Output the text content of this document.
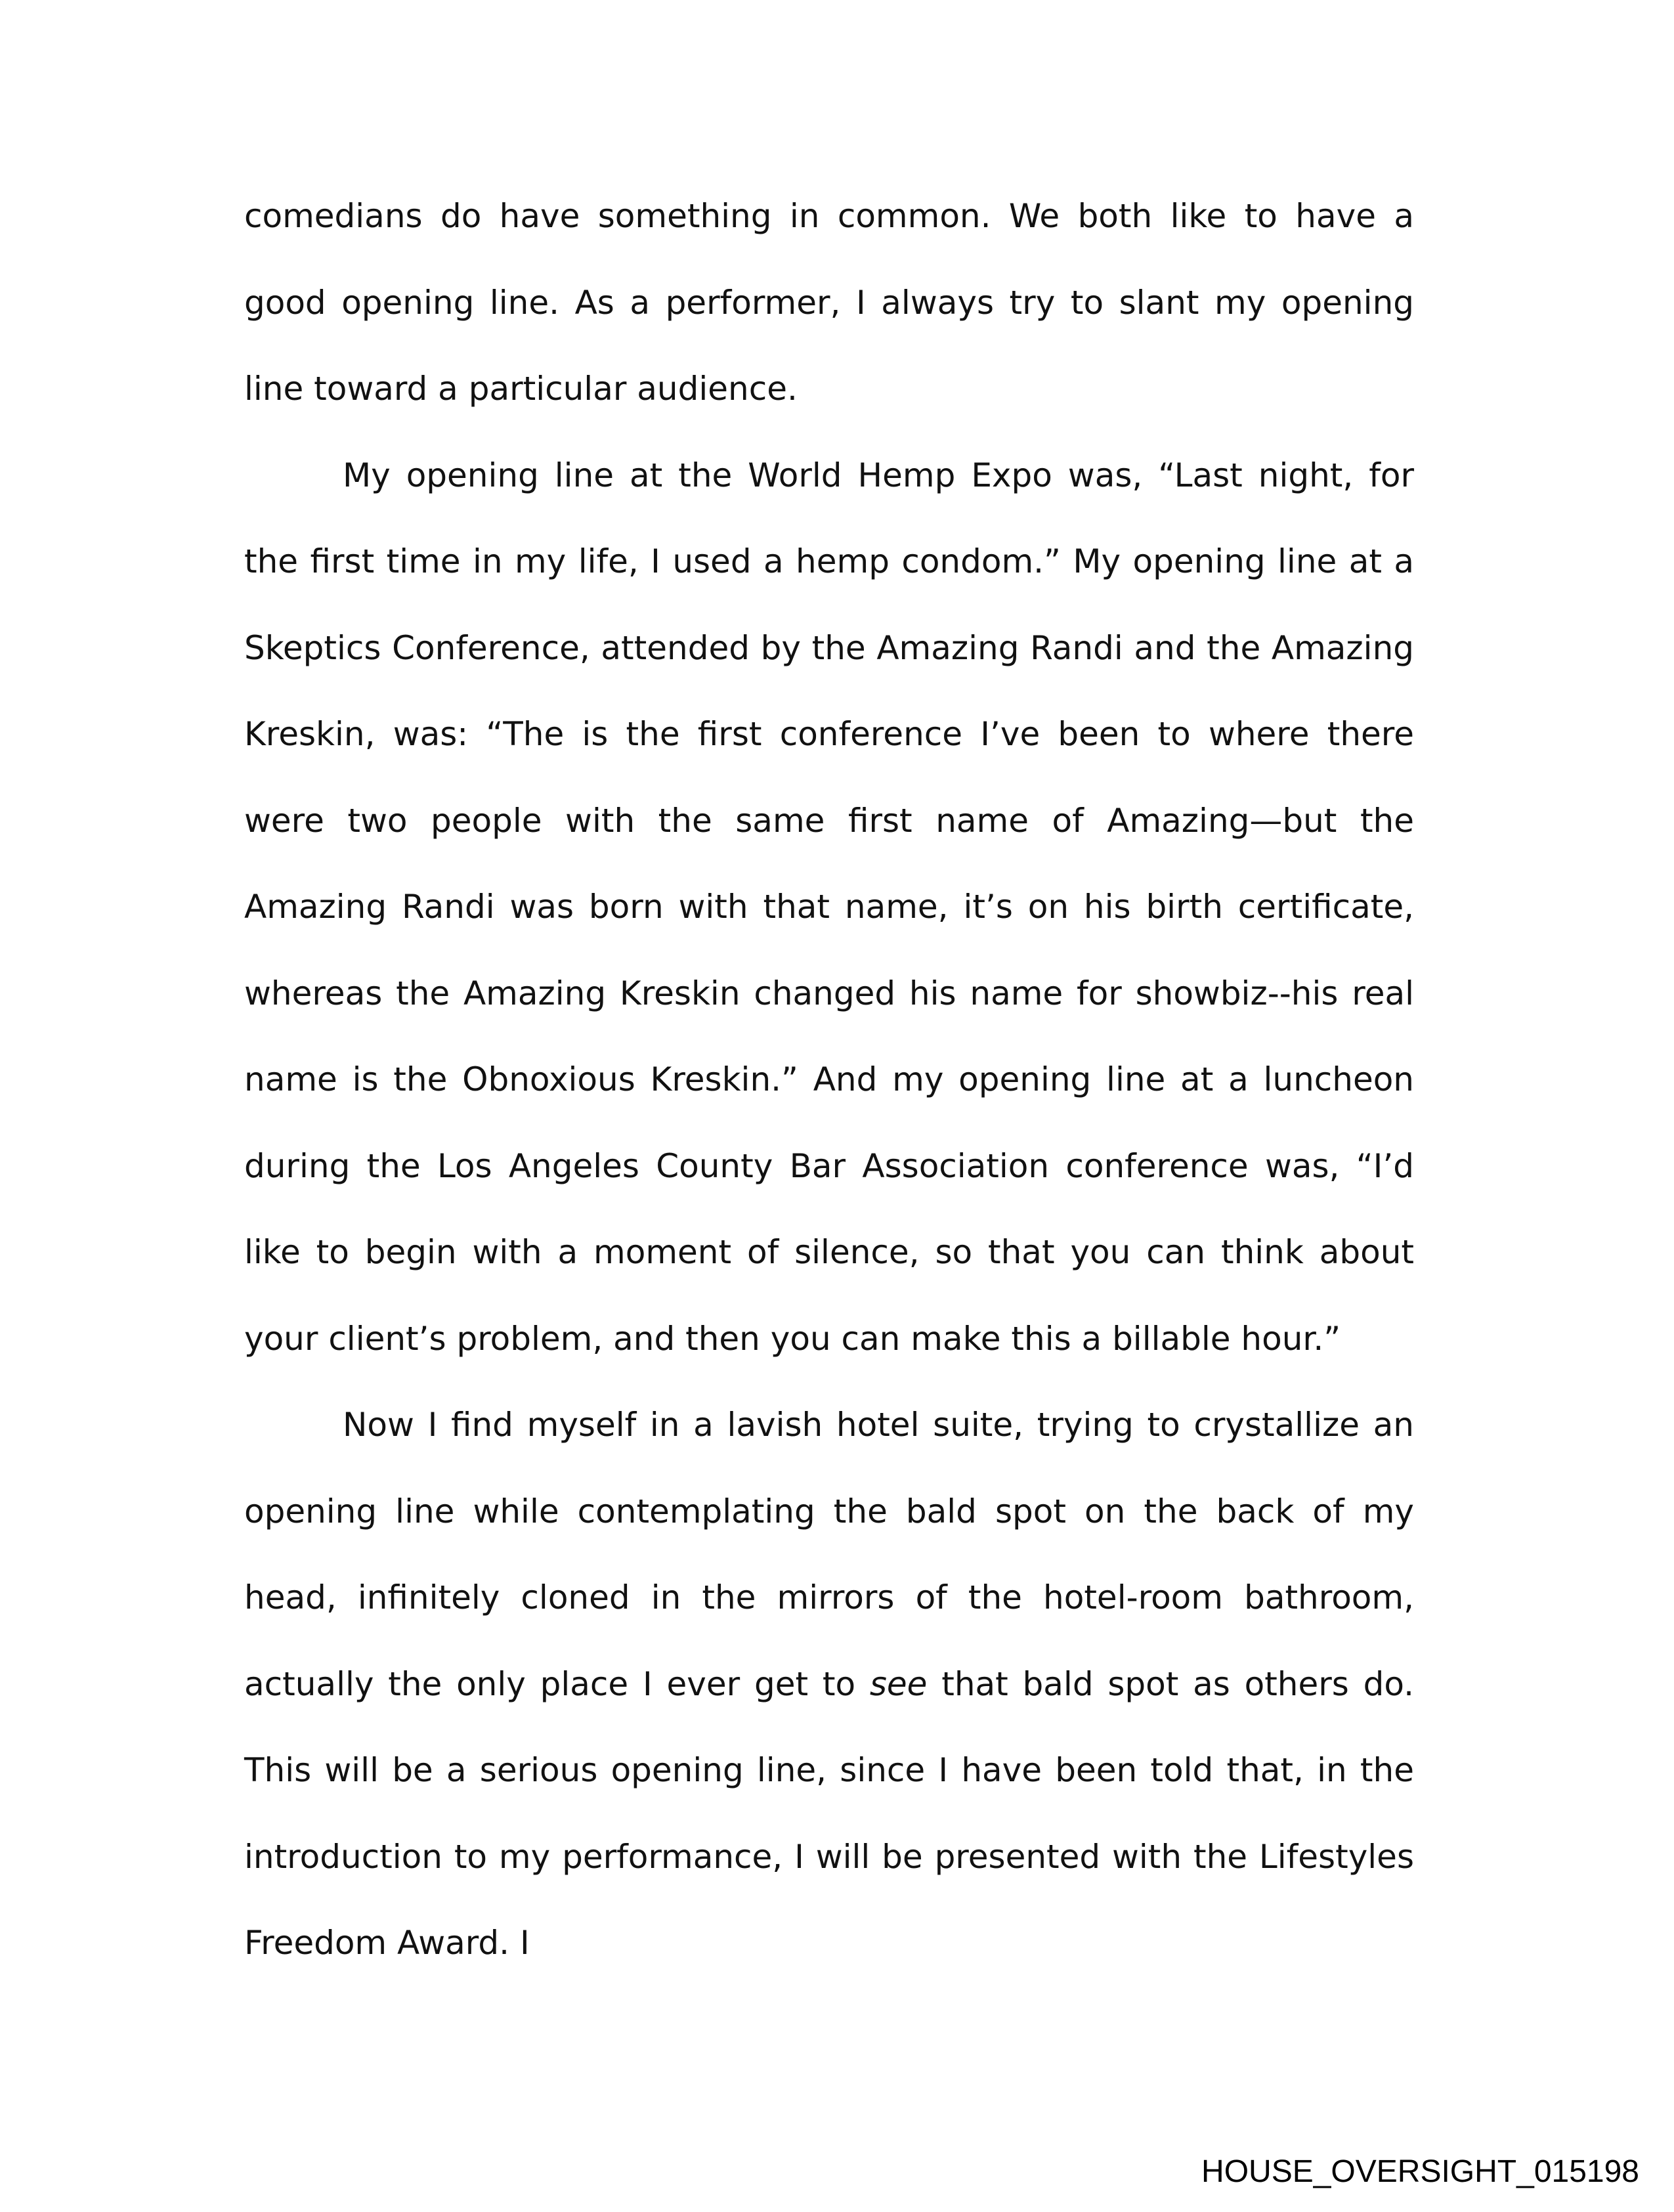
comedians do have something in common. We both like to have a good opening line. As a performer, I always try to slant my opening line toward a particular audience.

My opening line at the World Hemp Expo was, “Last night, for the first time in my life, I used a hemp condom.” My opening line at a Skeptics Conference, attended by the Amazing Randi and the Amazing Kreskin, was: “The is the first conference I’ve been to where there were two people with the same first name of Amazing—but the Amazing Randi was born with that name, it’s on his birth certificate, whereas the Amazing Kreskin changed his name for showbiz--his real name is the Obnoxious Kreskin.” And my opening line at a luncheon during the Los Angeles County Bar Association conference was, “I’d like to begin with a moment of silence, so that you can think about your client’s problem, and then you can make this a billable hour.”

Now I find myself in a lavish hotel suite, trying to crystallize an opening line while contemplating the bald spot on the back of my head, infinitely cloned in the mirrors of the hotel-room bathroom, actually the only place I ever get to see that bald spot as others do. This will be a serious opening line, since I have been told that, in the introduction to my performance, I will be presented with the Lifestyles Freedom Award. I

HOUSE_OVERSIGHT_015198
